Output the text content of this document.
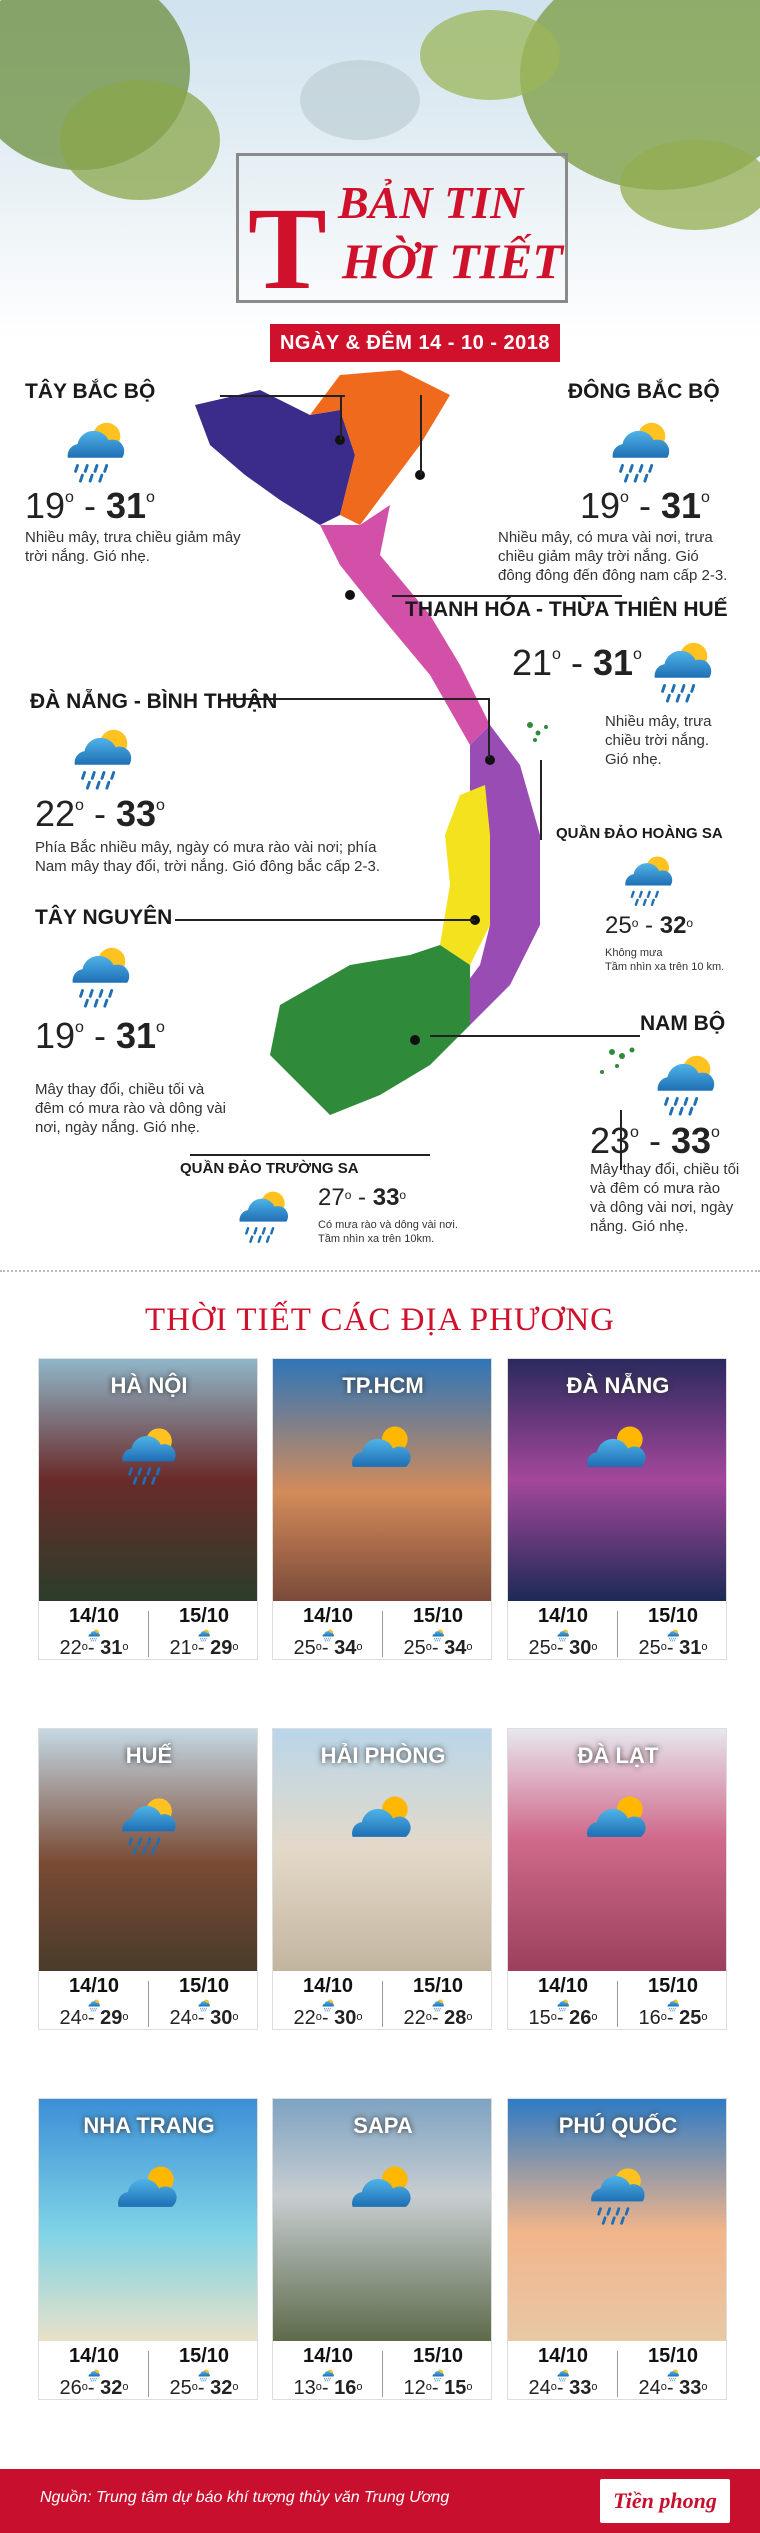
T BẢN TIN
HỜI TIẾT
NGÀY & ĐÊM 14 - 10 - 2018
TÂY BẮC BỘ
19$^o$ - 31$^o$
Nhiều mây, trưa chiều giảm mây trời nắng. Gió nhẹ.
ĐÔNG BẮC BỘ
19$^o$ - 31$^o$
Nhiều mây, có mưa vài nơi, trưa chiều giảm mây trời nắng. Gió đông đông đến đông nam cấp 2-3.
THANH HÓA - THỪA THIÊN HUẾ
21$^o$ - 31$^o$
Nhiều mây, trưa chiều trời nắng. Gió nhẹ.
ĐÀ NẴNG - BÌNH THUẬN
22$^o$ - 33$^o$
Phía Bắc nhiều mây, ngày có mưa rào vài nơi; phía Nam mây thay đổi, trời nắng. Gió đông bắc cấp 2-3.
QUẦN ĐẢO HOÀNG SA
25$^o$ - 32$^o$
Không mưa
Tầm nhìn xa trên 10 km.
TÂY NGUYÊN
19$^o$ - 31$^o$
Mây thay đổi, chiều tối và đêm có mưa rào và dông vài nơi, ngày nắng. Gió nhẹ.
NAM BỘ
23$^o$ - 33$^o$
Mây thay đổi, chiều tối và đêm có mưa rào và dông vài nơi, ngày nắng. Gió nhẹ.
QUẦN ĐẢO TRƯỜNG SA
27$^o$ - 33$^o$
Có mưa rào và dông vài nơi.
Tầm nhìn xa trên 10km.
THỜI TIẾT CÁC ĐỊA PHƯƠNG
HÀ NỘI
14/10
22$^o$- 31$^o$
15/10
21$^o$- 29$^o$
TP.HCM
14/10
25$^o$- 34$^o$
15/10
25$^o$- 34$^o$
ĐÀ NẴNG
14/10
25$^o$- 30$^o$
15/10
25$^o$- 31$^o$
HUẾ
14/10
24$^o$- 29$^o$
15/10
24$^o$- 30$^o$
HẢI PHÒNG
14/10
22$^o$- 30$^o$
15/10
22$^o$- 28$^o$
ĐÀ LẠT
14/10
15$^o$- 26$^o$
15/10
16$^o$- 25$^o$
NHA TRANG
14/10
26$^o$- 32$^o$
15/10
25$^o$- 32$^o$
SAPA
14/10
13$^o$- 16$^o$
15/10
12$^o$- 15$^o$
PHÚ QUỐC
14/10
24$^o$- 33$^o$
15/10
24$^o$- 33$^o$
Nguồn: Trung tâm dự báo khí tượng thủy văn Trung Ương	Tiền phong
